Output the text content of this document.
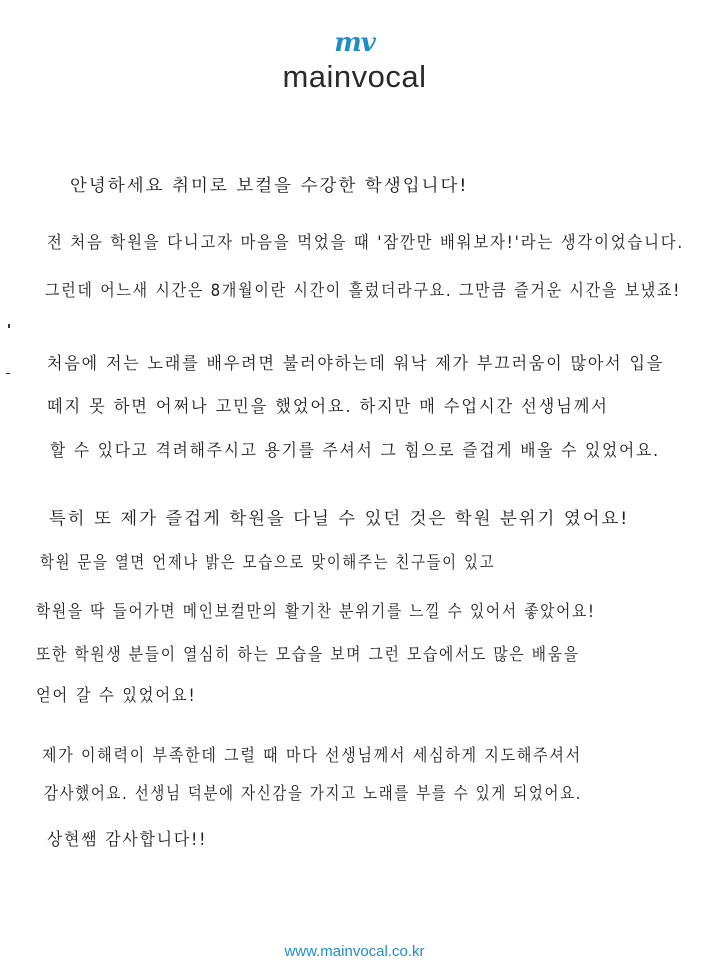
mv
mainvocal
안녕하세요 취미로 보컬을 수강한 학생입니다!
전 처음 학원을 다니고자 마음을 먹었을 때 '잠깐만 배워보자!'라는 생각이었습니다.
그런데 어느새 시간은 8개월이란 시간이 흘렀더라구요. 그만큼 즐거운 시간을 보냈죠!
처음에 저는 노래를 배우려면 불러야하는데 워낙 제가 부끄러움이 많아서 입을
떼지 못 하면 어쩌나 고민을 했었어요. 하지만 매 수업시간 선생님께서
할 수 있다고 격려해주시고 용기를 주셔서 그 힘으로 즐겁게 배울 수 있었어요.
특히 또 제가 즐겁게 학원을 다닐 수 있던 것은 학원 분위기 였어요!
학원 문을 열면 언제나 밝은 모습으로 맞이해주는 친구들이 있고
학원을 딱 들어가면 메인보컬만의 활기찬 분위기를 느낄 수 있어서 좋았어요!
또한 학원생 분들이 열심히 하는 모습을 보며 그런 모습에서도 많은 배움을
얻어 갈 수 있었어요!
제가 이해력이 부족한데 그럴 때 마다 선생님께서 세심하게 지도해주셔서
감사했어요. 선생님 덕분에 자신감을 가지고 노래를 부를 수 있게 되었어요.
상현쌤 감사합니다!!
www.mainvocal.co.kr
